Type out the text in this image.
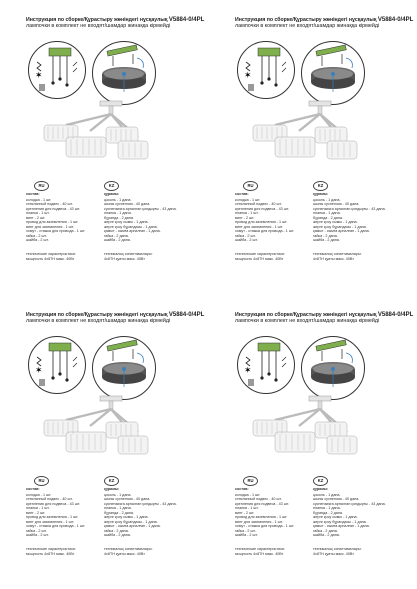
Инструкция по сборке/Құрастыру жөніндегі нұсқаулық V5884-0/4PL
лампочки в комплект не входят/шамдар жинаққа кірмейді
✶
RU	KZ
состав:
колодка - 1 шт.
стеклянный подвес - 40 шт.
крепления для подвеса - 43 шт.
планка - 1 шт.
винт - 2 шт.
провод для заземления - 1 шт.
винт для заземления - 1 шт.
хомут - стяжка для провода - 1 шт.
гайка - 2 шт.
шайба - 2 шт.
технические характеристики:
мощность 4х8ТН макс. 40Вт
құрамы:
цоколь - 1 дана.
шыны суспензия - 40 дана.
суспензияга арналган қондырғы - 43 дана.
планка - 1 дана.
бұранда - 2 дана.
жерге қосу сымы - 1 дана.
жерге қосу бұрандасы - 1 дана.
қамыт - сымға арналған - 1 дана.
гайка - 2 дана.
шайба - 2 дана.
техникалық сипаттамалары:
4х8ТН қуаты макс. 40Вт
Инструкция по сборке/Құрастыру жөніндегі нұсқаулық V5884-0/4PL
лампочки в комплект не входят/шамдар жинаққа кірмейді
✶
RU	KZ
состав:
колодка - 1 шт.
стеклянный подвес - 40 шт.
крепления для подвеса - 43 шт.
планка - 1 шт.
винт - 2 шт.
провод для заземления - 1 шт.
винт для заземления - 1 шт.
хомут - стяжка для провода - 1 шт.
гайка - 2 шт.
шайба - 2 шт.
технические характеристики:
мощность 4х8ТН макс. 40Вт
құрамы:
цоколь - 1 дана.
шыны суспензия - 40 дана.
суспензияга арналган қондырғы - 43 дана.
планка - 1 дана.
бұранда - 2 дана.
жерге қосу сымы - 1 дана.
жерге қосу бұрандасы - 1 дана.
қамыт - сымға арналған - 1 дана.
гайка - 2 дана.
шайба - 2 дана.
техникалық сипаттамалары:
4х8ТН қуаты макс. 40Вт
Инструкция по сборке/Құрастыру жөніндегі нұсқаулық V5884-0/4PL
лампочки в комплект не входят/шамдар жинаққа кірмейді
✶
RU	KZ
состав:
колодка - 1 шт.
стеклянный подвес - 40 шт.
крепления для подвеса - 43 шт.
планка - 1 шт.
винт - 2 шт.
провод для заземления - 1 шт.
винт для заземления - 1 шт.
хомут - стяжка для провода - 1 шт.
гайка - 2 шт.
шайба - 2 шт.
технические характеристики:
мощность 4х8ТН макс. 40Вт
құрамы:
цоколь - 1 дана.
шыны суспензия - 40 дана.
суспензияга арналган қондырғы - 43 дана.
планка - 1 дана.
бұранда - 2 дана.
жерге қосу сымы - 1 дана.
жерге қосу бұрандасы - 1 дана.
қамыт - сымға арналған - 1 дана.
гайка - 2 дана.
шайба - 2 дана.
техникалық сипаттамалары:
4х8ТН қуаты макс. 40Вт
Инструкция по сборке/Құрастыру жөніндегі нұсқаулық V5884-0/4PL
лампочки в комплект не входят/шамдар жинаққа кірмейді
✶
RU	KZ
состав:
колодка - 1 шт.
стеклянный подвес - 40 шт.
крепления для подвеса - 43 шт.
планка - 1 шт.
винт - 2 шт.
провод для заземления - 1 шт.
винт для заземления - 1 шт.
хомут - стяжка для провода - 1 шт.
гайка - 2 шт.
шайба - 2 шт.
технические характеристики:
мощность 4х8ТН макс. 40Вт
құрамы:
цоколь - 1 дана.
шыны суспензия - 40 дана.
суспензияга арналган қондырғы - 43 дана.
планка - 1 дана.
бұранда - 2 дана.
жерге қосу сымы - 1 дана.
жерге қосу бұрандасы - 1 дана.
қамыт - сымға арналған - 1 дана.
гайка - 2 дана.
шайба - 2 дана.
техникалық сипаттамалары:
4х8ТН қуаты макс. 40Вт
